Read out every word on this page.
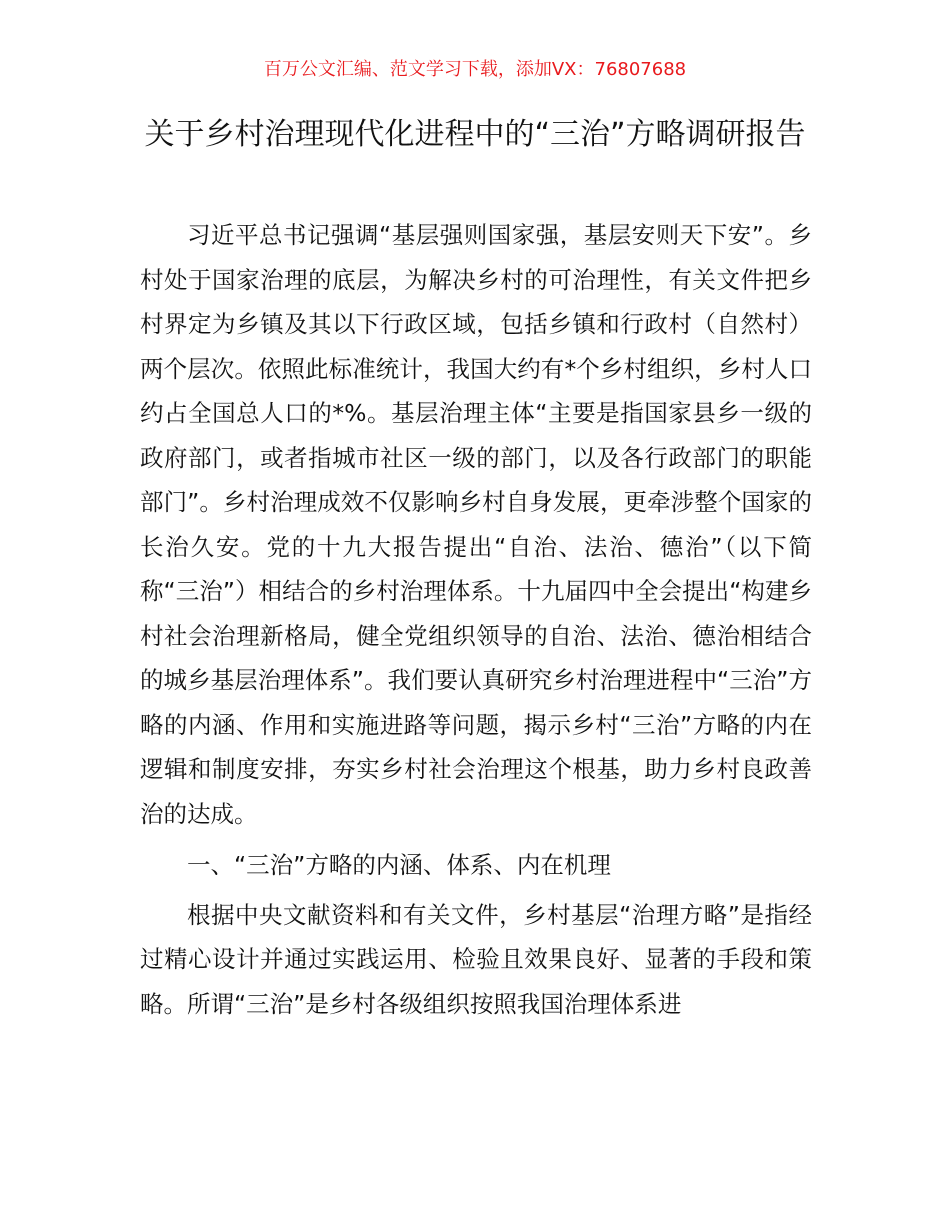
百万公文汇编、范文学习下载，添加VX：76807688
关于乡村治理现代化进程中的“三治”方略调研报告

习近平总书记强调“基层强则国家强，基层安则天下安”。乡村处于国家治理的底层，为解决乡村的可治理性，有关文件把乡村界定为乡镇及其以下行政区域，包括乡镇和行政村（自然村）两个层次。依照此标准统计，我国大约有*个乡村组织，乡村人口约占全国总人口的*%。基层治理主体“主要是指国家县乡一级的政府部门，或者指城市社区一级的部门，以及各行政部门的职能部门”。乡村治理成效不仅影响乡村自身发展，更牵涉整个国家的长治久安。党的十九大报告提出“自治、法治、德治”（以下简称“三治”）相结合的乡村治理体系。十九届四中全会提出“构建乡村社会治理新格局，健全党组织领导的自治、法治、德治相结合的城乡基层治理体系”。我们要认真研究乡村治理进程中“三治”方略的内涵、作用和实施进路等问题，揭示乡村“三治”方略的内在逻辑和制度安排，夯实乡村社会治理这个根基，助力乡村良政善治的达成。

一、“三治”方略的内涵、体系、内在机理

根据中央文献资料和有关文件，乡村基层“治理方略”是指经过精心设计并通过实践运用、检验且效果良好、显著的手段和策略。所谓“三治”是乡村各级组织按照我国治理体系进
